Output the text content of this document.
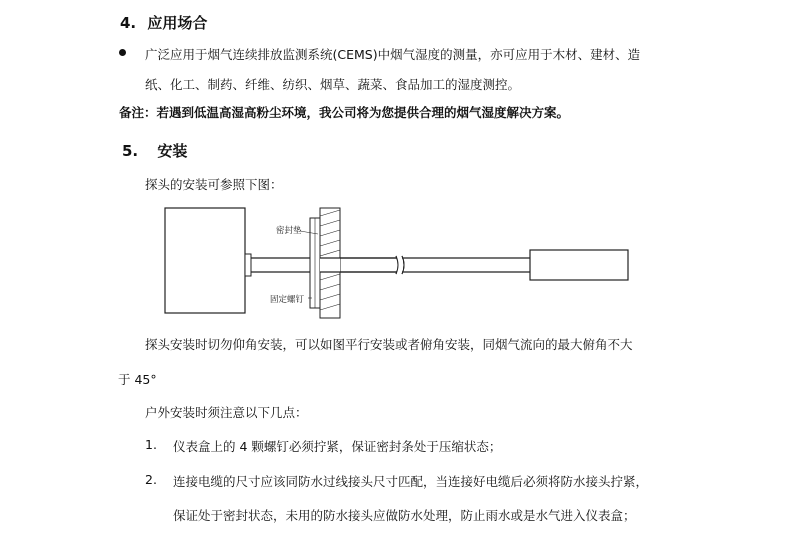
4. 应用场合
广泛应用于烟气连续排放监测系统(CEMS)中烟气湿度的测量，亦可应用于木材、建材、造
纸、化工、制药、纤维、纺织、烟草、蔬菜、食品加工的湿度测控。
备注：若遇到低温高湿高粉尘环境，我公司将为您提供合理的烟气湿度解决方案。
5. 安装
探头的安装可参照下图：
密封垫
固定螺钉
探头安装时切勿仰角安装，可以如图平行安装或者俯角安装，同烟气流向的最大俯角不大
于 45°
户外安装时须注意以下几点：
1. 仪表盒上的 4 颗螺钉必须拧紧，保证密封条处于压缩状态；
2. 连接电缆的尺寸应该同防水过线接头尺寸匹配，当连接好电缆后必须将防水接头拧紧，
保证处于密封状态，未用的防水接头应做防水处理，防止雨水或是水气进入仪表盒；
